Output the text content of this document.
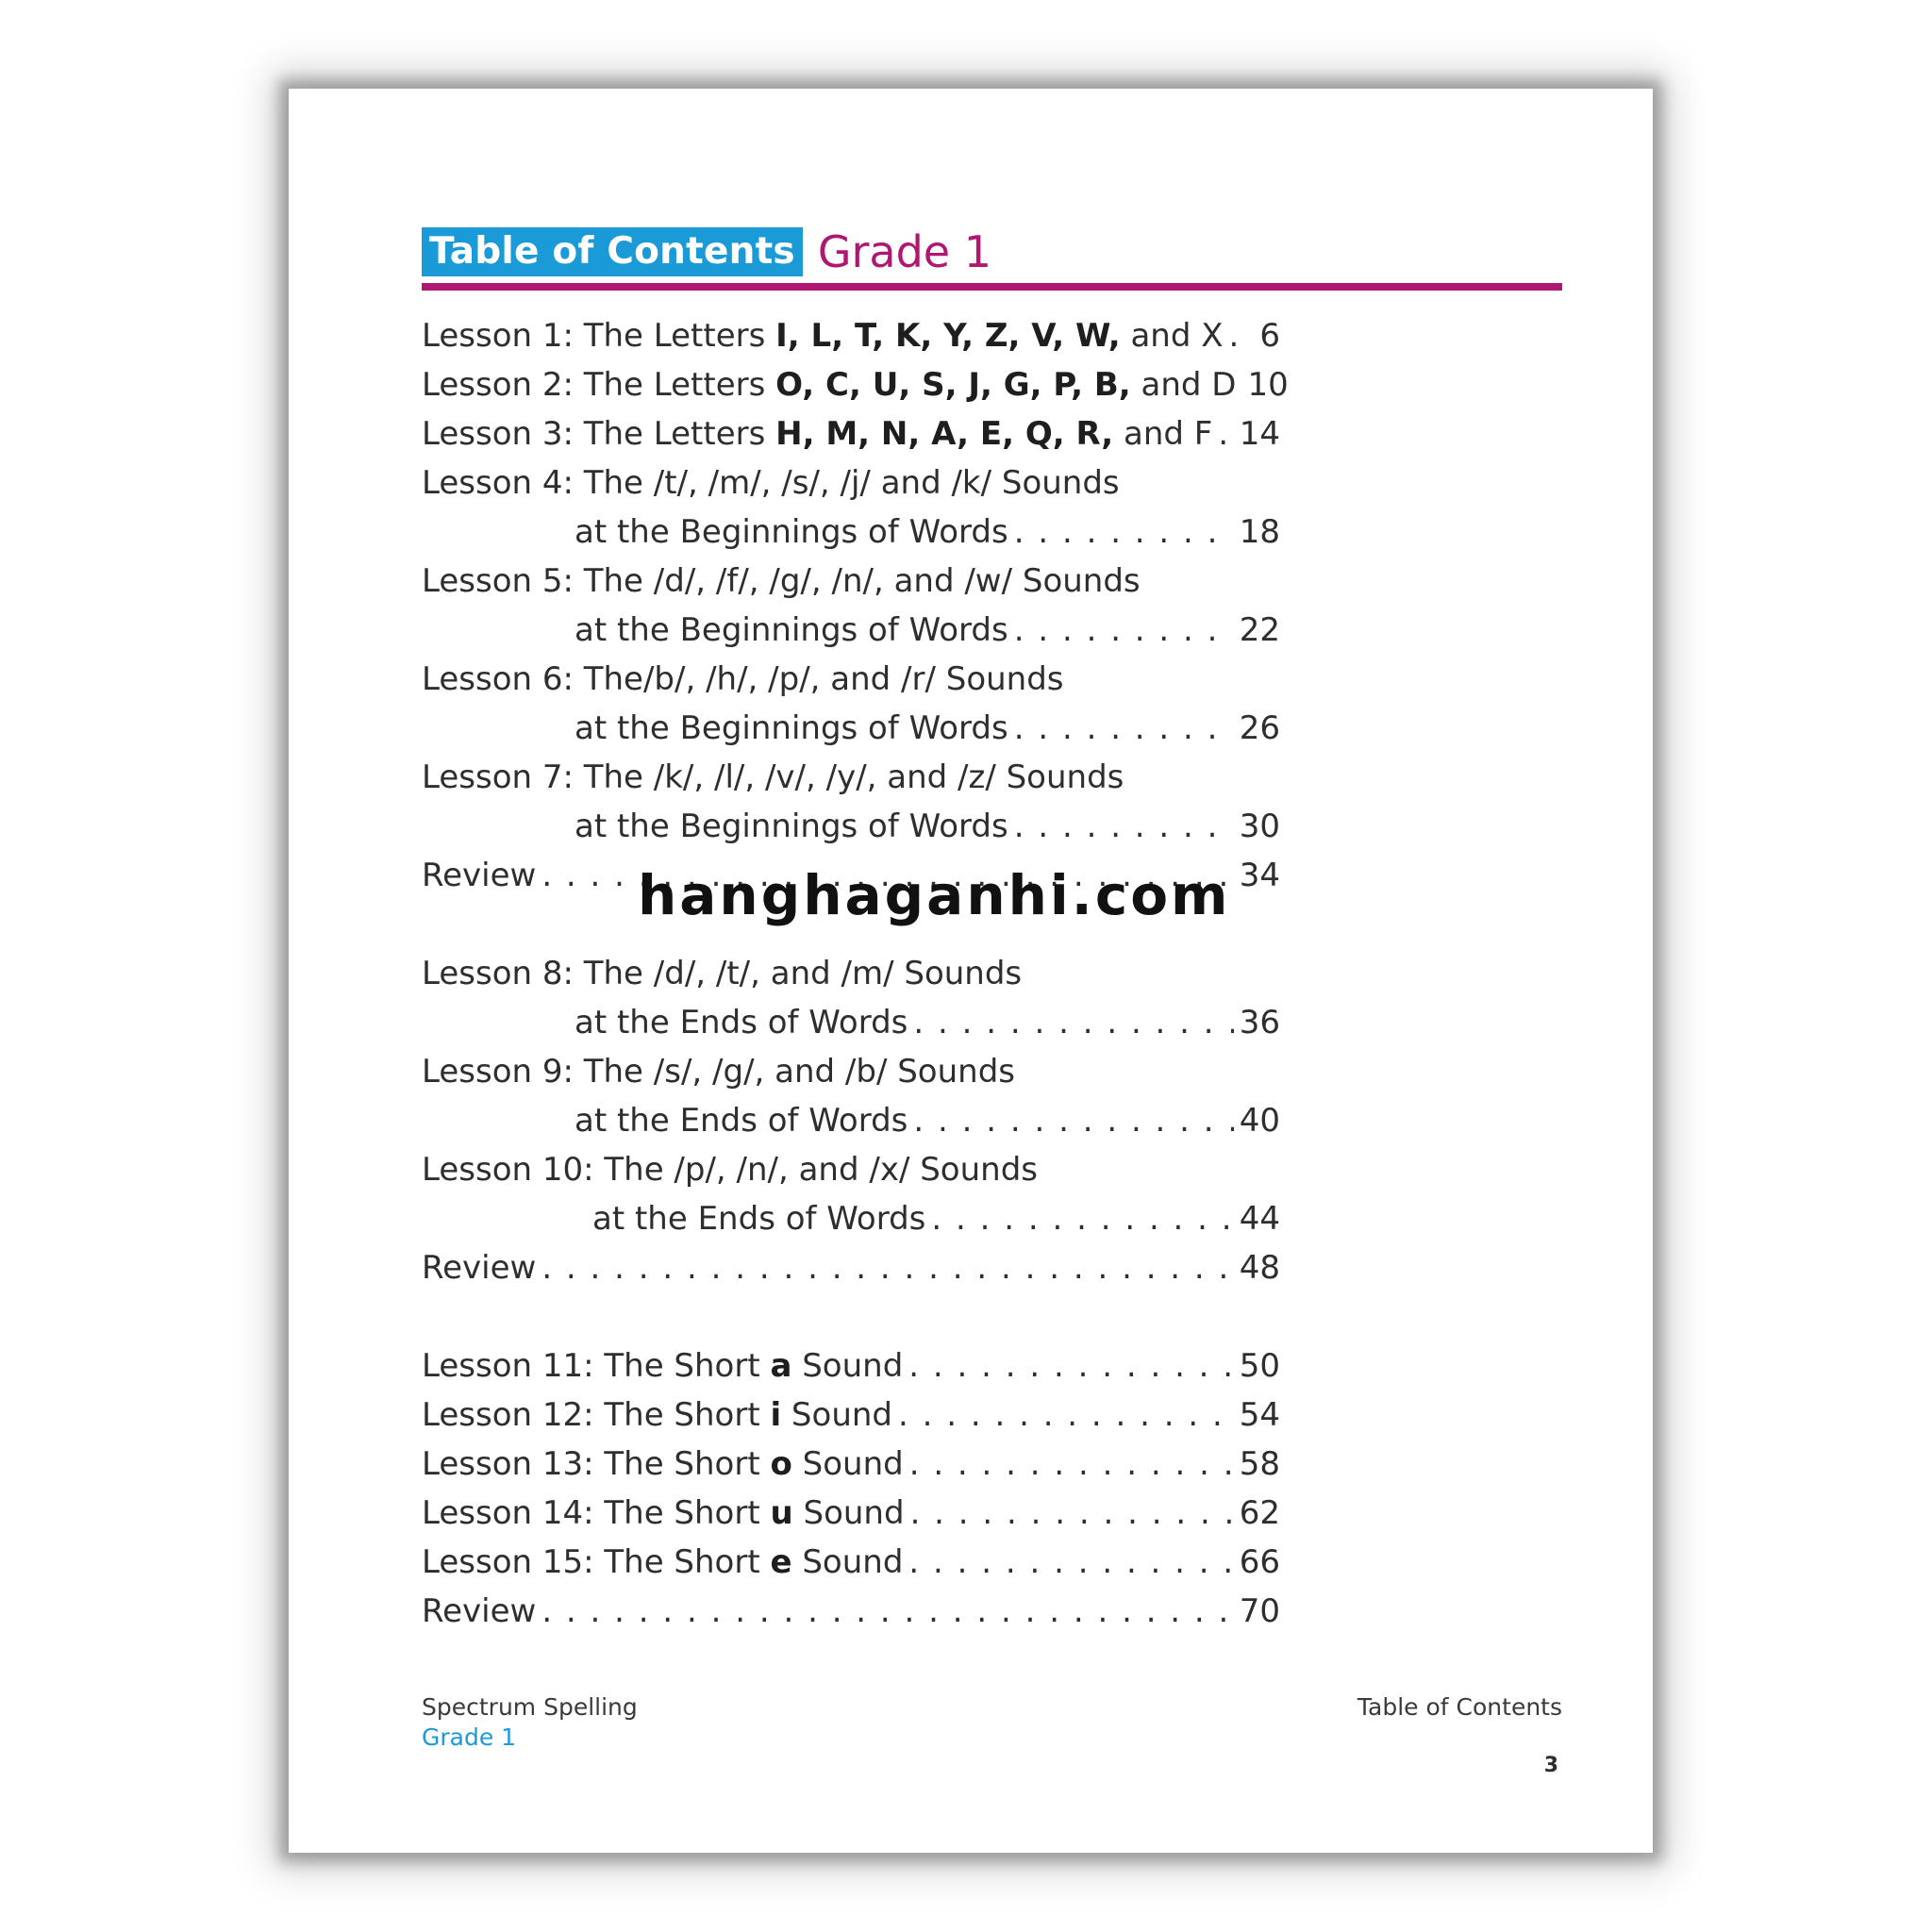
Table of Contents Grade 1
Lesson 1: The Letters I, L, T, K, Y, Z, V, W, and X . . . 6
Lesson 2: The Letters O, C, U, S, J, G, P, B, and D 10
Lesson 3: The Letters H, M, N, A, E, Q, R, and F . . . 14
Lesson 4: The /t/, /m/, /s/, /j/ and /k/ Sounds
at the Beginnings of Words . . .	18
Lesson 5: The /d/, /f/, /g/, /n/, and /w/ Sounds
at the Beginnings of Words . . .	22
Lesson 6: The/b/, /h/, /p/, and /r/ Sounds
at the Beginnings of Words . . .	26
Lesson 7: The /k/, /l/, /v/, /y/, and /z/ Sounds
at the Beginnings of Words . . .	30
Review . . .	34
Lesson 8: The /d/, /t/, and /m/ Sounds
at the Ends of Words . . .	36
Lesson 9: The /s/, /g/, and /b/ Sounds
at the Ends of Words . . .	40
Lesson 10: The /p/, /n/, and /x/ Sounds
at the Ends of Words . . .	44
Review . . .	48
Lesson 11: The Short a Sound . . .	50
Lesson 12: The Short i Sound . . .	54
Lesson 13: The Short o Sound . . .	58
Lesson 14: The Short u Sound . . .	62
Lesson 15: The Short e Sound . . .	66
Review . . .	70
Spectrum Spelling
Grade 1
Table of Contents
3
hanghaganhi.com
